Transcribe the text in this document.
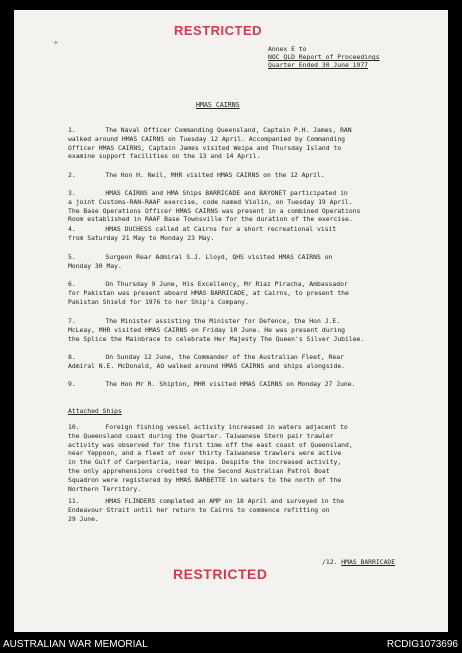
RESTRICTED
✧
Annex E to
NOC QLD Report of Proceedings
Quarter Ended 30 June 1977
HMAS CAIRNS
1.	The Naval Officer Commanding Queensland, Captain P.H. James, RAN
walked around HMAS CAIRNS on Tuesday 12 April. Accompanied by Commanding
Officer HMAS CAIRNS, Captain James visited Weipa and Thursday Island to
examine support facilities on the 13 and 14 April.
2.	The Hon H. Neil, MHR visited HMAS CAIRNS on the 12 April.
3.	HMAS CAIRNS and HMA Ships BARRICADE and BAYONET participated in
a joint Customs-RAN-RAAF exercise, code named Violin, on Tuesday 19 April.
The Base Operations Officer HMAS CAIRNS was present in a combined Operations
Room established in RAAF Base Townsville for the duration of the exercise.
4.	HMAS DUCHESS called at Cairns for a short recreational visit
from Saturday 21 May to Monday 23 May.
5.	Surgeon Rear Admiral S.J. Lloyd, QHS visited HMAS CAIRNS on
Monday 30 May.
6.	On Thursday 9 June, His Excellency, Mr Riaz Piracha, Ambassador
for Pakistan was present aboard HMAS BARRICADE, at Cairns, to present the
Pakistan Shield for 1976 to her Ship's Company.
7.	The Minister assisting the Minister for Defence, the Hon J.E.
McLeay, MHR visited HMAS CAIRNS on Friday 10 June. He was present during
the Splice the Mainbrace to celebrate Her Majesty The Queen's Silver Jubilee.
8.	On Sunday 12 June, the Commander of the Australian Fleet, Rear
Admiral N.E. McDonald, AO walked around HMAS CAIRNS and ships alongside.
9.	The Hon Mr R. Shipton, MHR visited HMAS CAIRNS on Monday 27 June.
10.	Foreign fishing vessel activity increased in waters adjacent to
the Queensland coast during the Quarter. Taiwanese Stern pair trawler
activity was observed for the first time off the east coast of Queensland,
near Yeppoon, and a fleet of over thirty Taiwanese trawlers were active
in the Gulf of Carpentaria, near Weipa. Despite the increased activity,
the only apprehensions credited to the Second Australian Patrol Boat
Squadron were registered by HMAS BARBETTE in waters to the north of the
Northern Territory.
11.	HMAS FLINDERS completed an AMP on 18 April and surveyed in the
Endeavour Strait until her return to Cairns to commence refitting on
29 June.
Attached Ships
/12. HMAS BARRICADE
RESTRICTED
AUSTRALIAN WAR MEMORIAL	RCDIG1073696
